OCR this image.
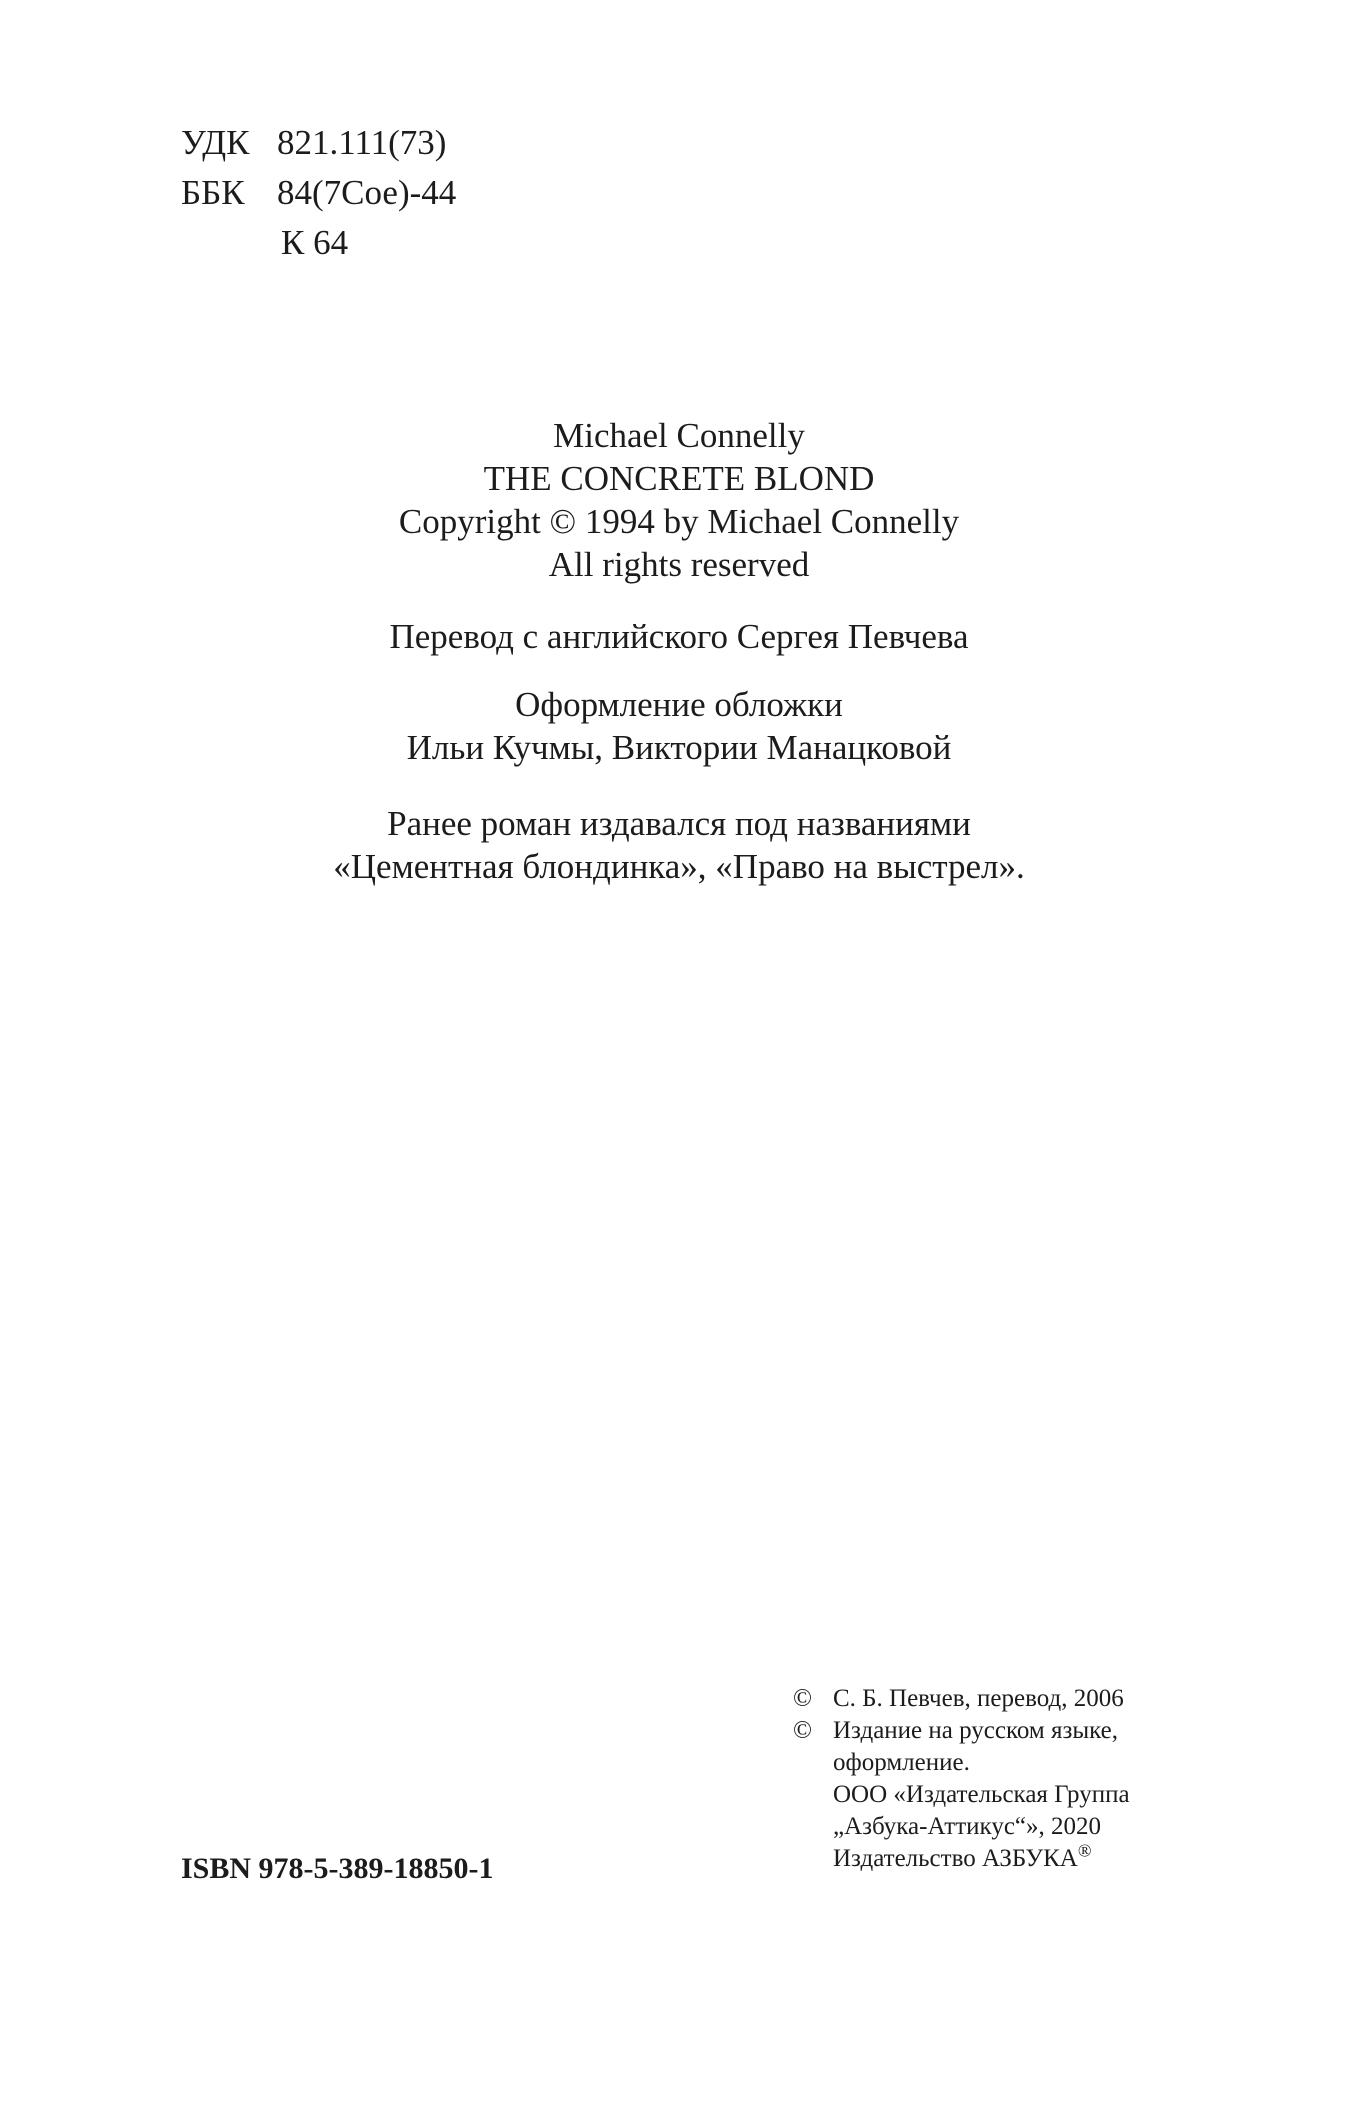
УДК 821.111(73)
ББК 84(7Сое)-44
К 64
Michael Connelly
THE CONCRETE BLOND
Copyright © 1994 by Michael Connelly
All rights reserved
Перевод с английского Сергея Певчева
Оформление обложки
Ильи Кучмы, Виктории Манацковой
Ранее роман издавался под названиями
«Цементная блондинка», «Право на выстрел».
© С. Б. Певчев, перевод, 2006
© Издание на русском языке,
оформление.
ООО «Издательская Группа
„Азбука-Аттикус“», 2020
Издательство АЗБУКА®
ISBN 978-5-389-18850-1
